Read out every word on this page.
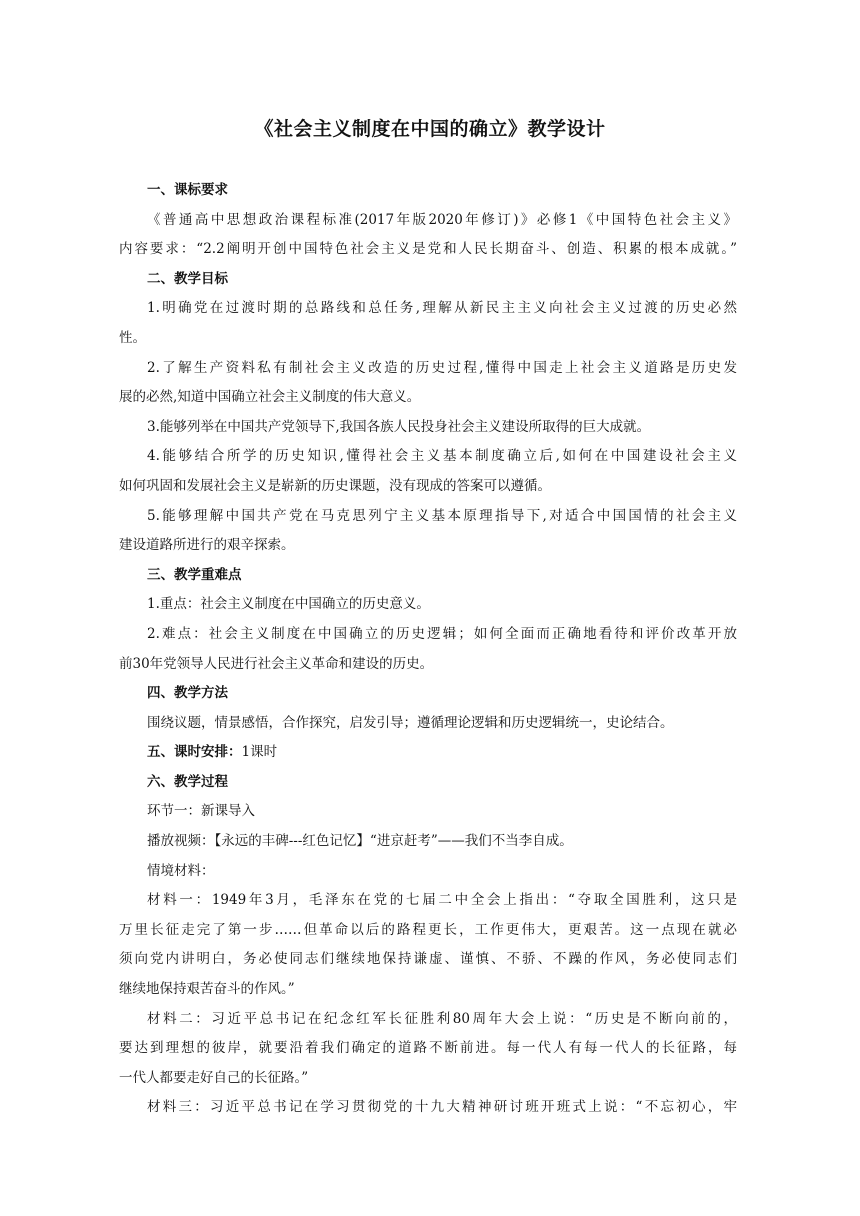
《社会主义制度在中国的确立》教学设计
一、课标要求
《普通高中思想政治课程标准(2017年版2020年修订)》必修1《中国特色社会主义》
内容要求：“2.2阐明开创中国特色社会主义是党和人民长期奋斗、创造、积累的根本成就。”
二、教学目标
1.明确党在过渡时期的总路线和总任务,理解从新民主主义向社会主义过渡的历史必然
性。
2.了解生产资料私有制社会主义改造的历史过程,懂得中国走上社会主义道路是历史发
展的必然,知道中国确立社会主义制度的伟大意义。
3.能够列举在中国共产党领导下,我国各族人民投身社会主义建设所取得的巨大成就。
4.能够结合所学的历史知识,懂得社会主义基本制度确立后,如何在中国建设社会主义
如何巩固和发展社会主义是崭新的历史课题，没有现成的答案可以遵循。
5.能够理解中国共产党在马克思列宁主义基本原理指导下,对适合中国国情的社会主义
建设道路所进行的艰辛探索。
三、教学重难点
1.重点：社会主义制度在中国确立的历史意义。
2.难点：社会主义制度在中国确立的历史逻辑；如何全面而正确地看待和评价改革开放
前30年党领导人民进行社会主义革命和建设的历史。
四、教学方法
围绕议题，情景感悟，合作探究，启发引导；遵循理论逻辑和历史逻辑统一，史论结合。
五、课时安排：1课时
六、教学过程
环节一：新课导入
播放视频：【永远的丰碑---红色记忆】“进京赶考”——我们不当李自成。
情境材料：
材料一：1949年3月，毛泽东在党的七届二中全会上指出：“夺取全国胜利，这只是
万里长征走完了第一步……但革命以后的路程更长，工作更伟大，更艰苦。这一点现在就必
须向党内讲明白，务必使同志们继续地保持谦虚、谨慎、不骄、不躁的作风，务必使同志们
继续地保持艰苦奋斗的作风。”
材料二：习近平总书记在纪念红军长征胜利80周年大会上说：“历史是不断向前的，
要达到理想的彼岸，就要沿着我们确定的道路不断前进。每一代人有每一代人的长征路，每
一代人都要走好自己的长征路。”
材料三：习近平总书记在学习贯彻党的十九大精神研讨班开班式上说：“不忘初心，牢
